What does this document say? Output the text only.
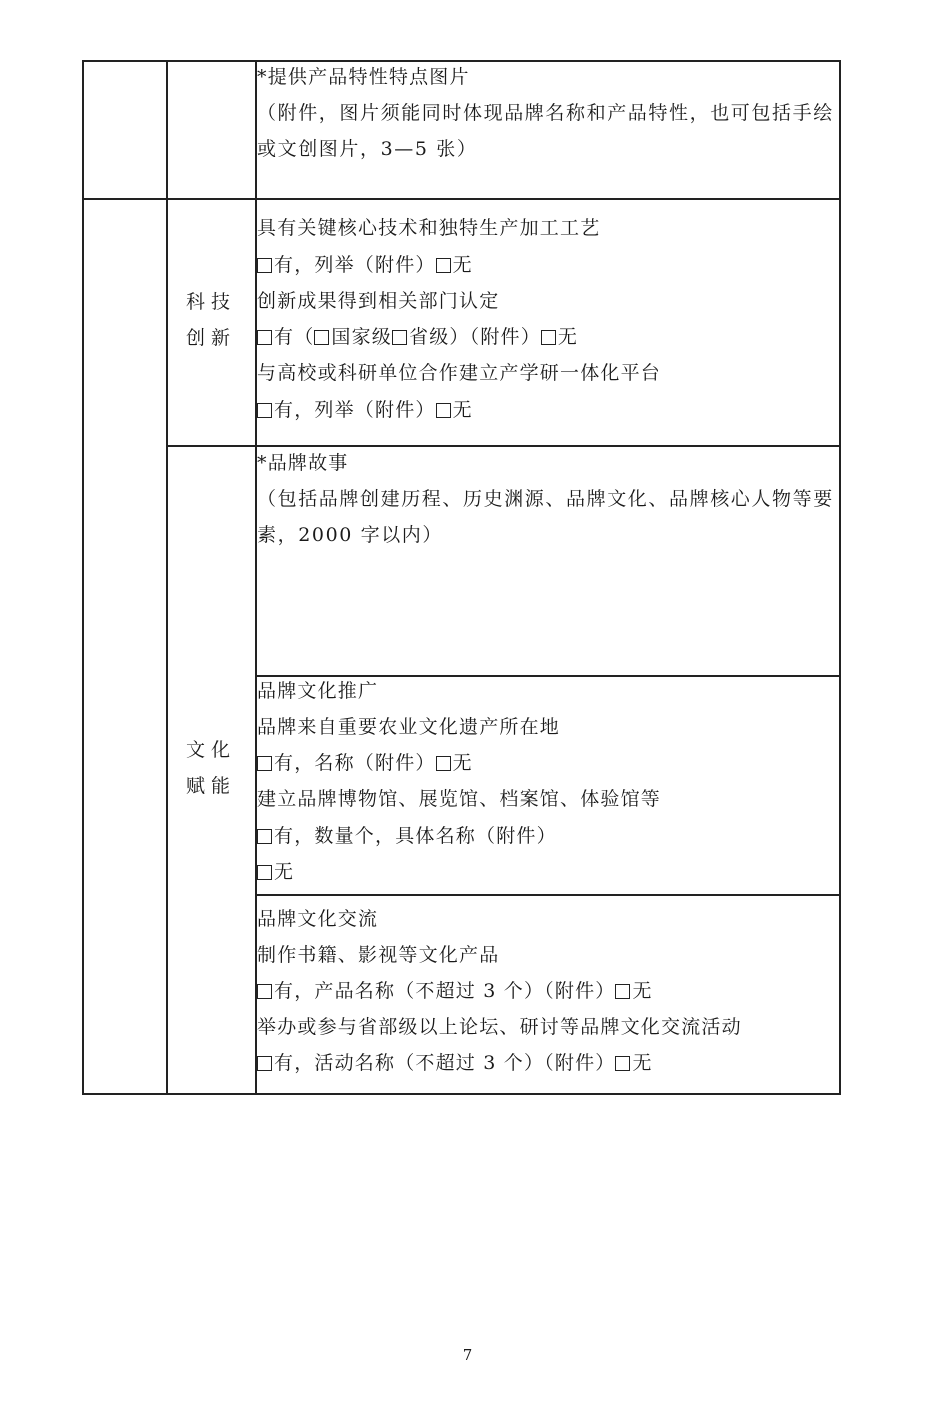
*提供产品特性特点图片
（附件，图片须能同时体现品牌名称和产品特性，也可包括手绘或文创图片，3—5 张）
科技
创新
具有关键核心技术和独特生产加工工艺
有，列举（附件） 无
创新成果得到相关部门认定
有（ 国家级 省级）（附件） 无
与高校或科研单位合作建立产学研一体化平台
有，列举（附件） 无
文化
赋能
*品牌故事
（包括品牌创建历程、历史渊源、品牌文化、品牌核心人物等要素，2000 字以内）
品牌文化推广
品牌来自重要农业文化遗产所在地
有，名称（附件） 无
建立品牌博物馆、展览馆、档案馆、体验馆等
有，数量个，具体名称（附件）
无
品牌文化交流
制作书籍、影视等文化产品
有，产品名称（不超过 3 个）（附件） 无
举办或参与省部级以上论坛、研讨等品牌文化交流活动
有，活动名称（不超过 3 个）（附件） 无
7
